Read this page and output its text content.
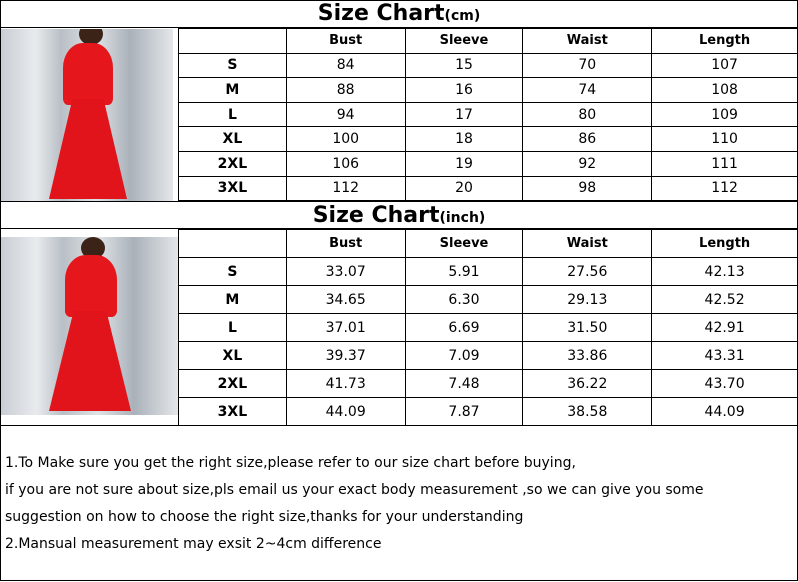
Size Chart(cm)
	Bust	Sleeve	Waist	Length
S	84	15	70	107
M	88	16	74	108
L	94	17	80	109
XL	100	18	86	110
2XL	106	19	92	111
3XL	112	20	98	112
Size Chart(inch)
	Bust	Sleeve	Waist	Length
S	33.07	5.91	27.56	42.13
M	34.65	6.30	29.13	42.52
L	37.01	6.69	31.50	42.91
XL	39.37	7.09	33.86	43.31
2XL	41.73	7.48	36.22	43.70
3XL	44.09	7.87	38.58	44.09
1.To Make sure you get the right size,please refer to our size chart before buying,
if you are not sure about size,pls email us your exact body measurement ,so we can give you some
suggestion on how to choose the right size,thanks for your understanding
2.Mansual measurement may exsit 2~4cm difference
